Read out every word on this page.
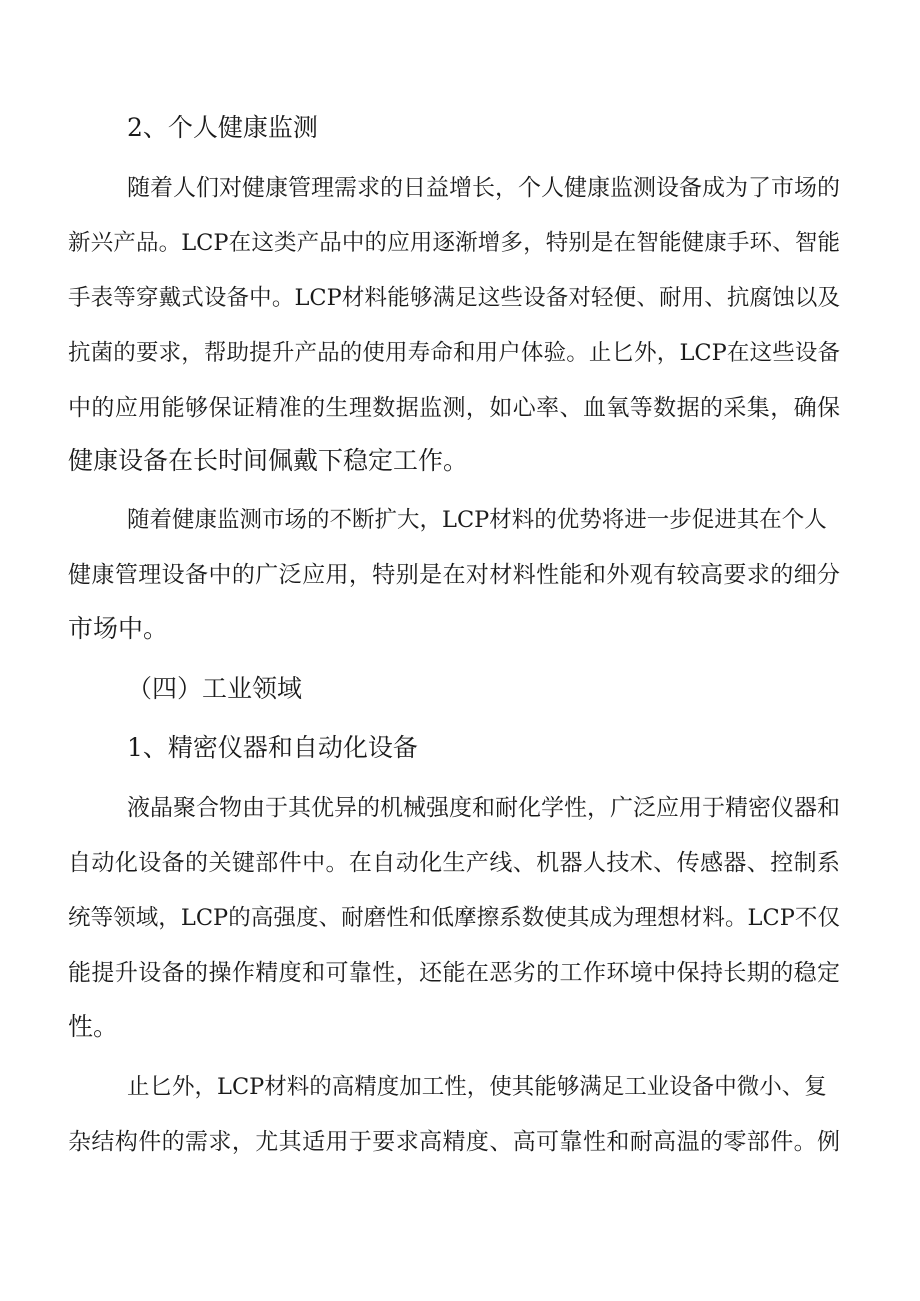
2、个人健康监测
随着人们对健康管理需求的日益增长，个人健康监测设备成为了市场的
新兴产品。LCP在这类产品中的应用逐渐增多，特别是在智能健康手环、智能
手表等穿戴式设备中。LCP材料能够满足这些设备对轻便、耐用、抗腐蚀以及
抗菌的要求，帮助提升产品的使用寿命和用户体验。止匕外，LCP在这些设备
中的应用能够保证精准的生理数据监测，如心率、血氧等数据的采集，确保
健康设备在长时间佩戴下稳定工作。
随着健康监测市场的不断扩大，LCP材料的优势将进一步促进其在个人
健康管理设备中的广泛应用，特别是在对材料性能和外观有较高要求的细分
市场中。
（四）工业领域
1、精密仪器和自动化设备
液晶聚合物由于其优异的机械强度和耐化学性，广泛应用于精密仪器和
自动化设备的关键部件中。在自动化生产线、机器人技术、传感器、控制系
统等领域，LCP的高强度、耐磨性和低摩擦系数使其成为理想材料。LCP不仅
能提升设备的操作精度和可靠性，还能在恶劣的工作环境中保持长期的稳定
性。
止匕外，LCP材料的高精度加工性，使其能够满足工业设备中微小、复
杂结构件的需求，尤其适用于要求高精度、高可靠性和耐高温的零部件。例
